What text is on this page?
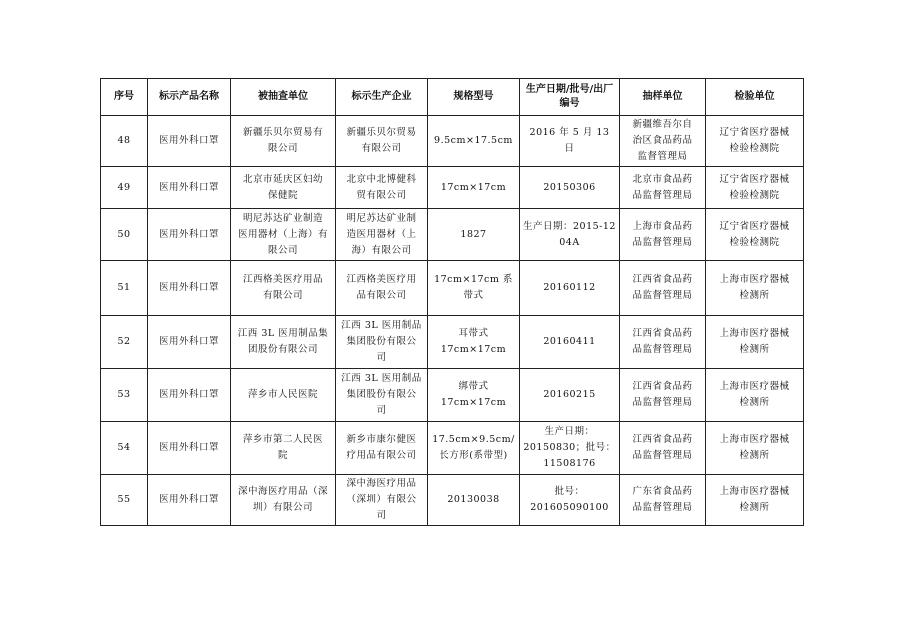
序号	标示产品名称	被抽查单位	标示生产企业	规格型号	生产日期/批号/出厂编号	抽样单位	检验单位
48	医用外科口罩	新疆乐贝尔贸易有
限公司	新疆乐贝尔贸易
有限公司	9.5cm×17.5cm	2016 年 5 月 13 日	新疆维吾尔自
治区食品药品
监督管理局	辽宁省医疗器械
检验检测院
49	医用外科口罩	北京市延庆区妇幼
保健院	北京中北博健科
贸有限公司	17cm×17cm	20150306	北京市食品药
品监督管理局	辽宁省医疗器械
检验检测院
50	医用外科口罩	明尼苏达矿业制造
医用器材（上海）有
限公司	明尼苏达矿业制
造医用器材（上
海）有限公司	1827	生产日期：2015-12
04A	上海市食品药
品监督管理局	辽宁省医疗器械
检验检测院
51	医用外科口罩	江西格美医疗用品
有限公司	江西格美医疗用
品有限公司	17cm×17cm 系
带式	20160112	江西省食品药
品监督管理局	上海市医疗器械
检测所
52	医用外科口罩	江西 3L 医用制品集
团股份有限公司	江西 3L 医用制品
集团股份有限公
司	耳带式
17cm×17cm	20160411	江西省食品药
品监督管理局	上海市医疗器械
检测所
53	医用外科口罩	萍乡市人民医院	江西 3L 医用制品
集团股份有限公
司	绑带式
17cm×17cm	20160215	江西省食品药
品监督管理局	上海市医疗器械
检测所
54	医用外科口罩	萍乡市第二人民医
院	新乡市康尔健医
疗用品有限公司	17.5cm×9.5cm/
长方形(系带型)	生产日期：
20150830；批号：
11508176	江西省食品药
品监督管理局	上海市医疗器械
检测所
55	医用外科口罩	深中海医疗用品（深
圳）有限公司	深中海医疗用品
（深圳）有限公
司	20130038	批号：201605090100	广东省食品药
品监督管理局	上海市医疗器械
检测所
